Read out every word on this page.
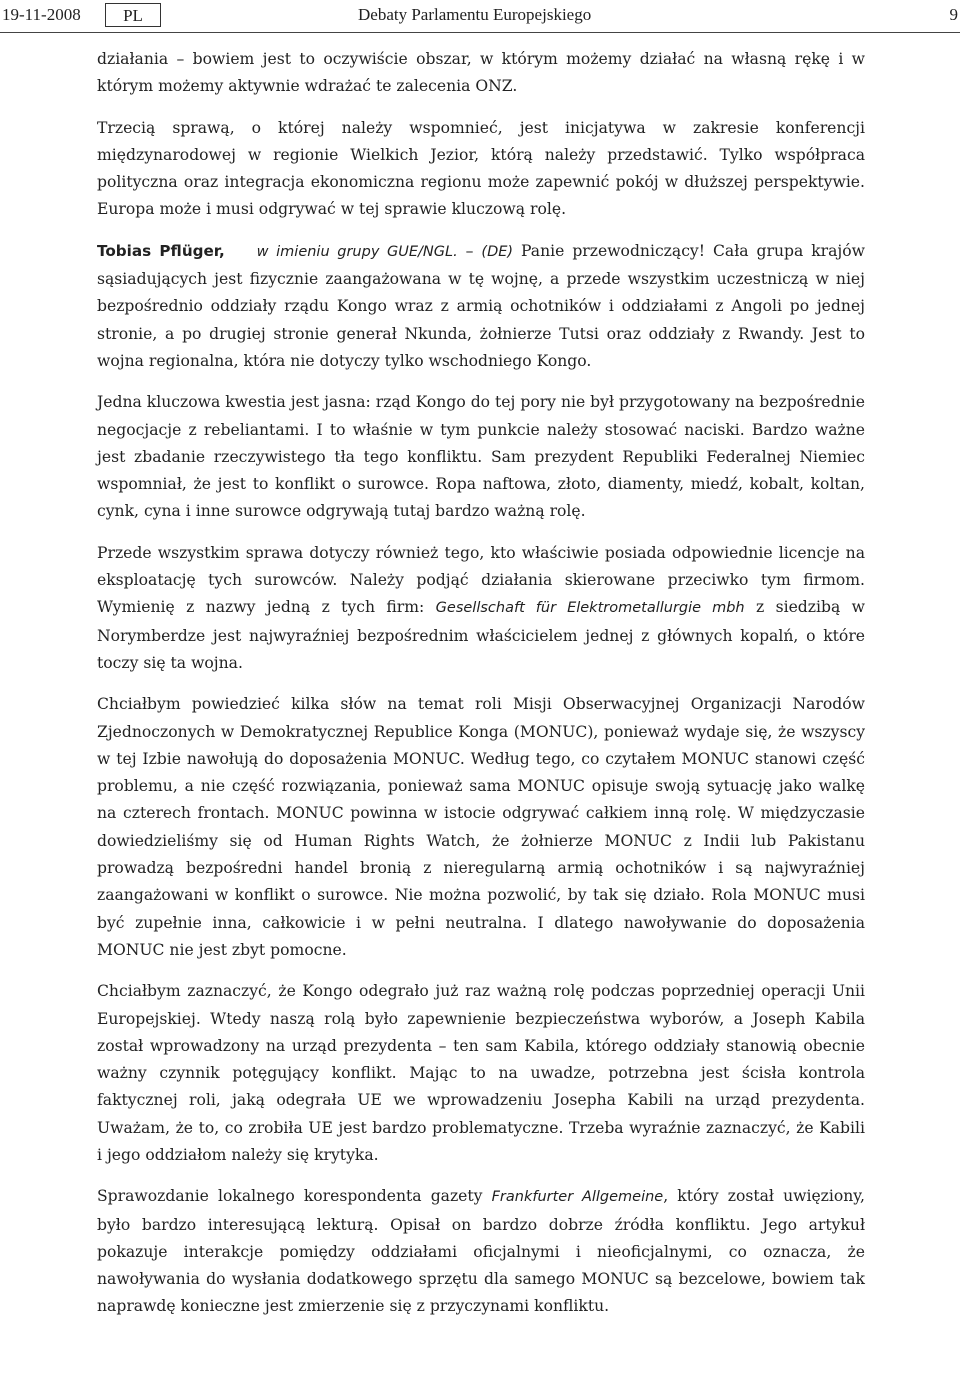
19-11-2008	PL	Debaty Parlamentu Europejskiego	9

działania – bowiem jest to oczywiście obszar, w którym możemy działać na własną rękę i w którym możemy aktywnie wdrażać te zalecenia ONZ.

Trzecią sprawą, o której należy wspomnieć, jest inicjatywa w zakresie konferencji międzynarodowej w regionie Wielkich Jezior, którą należy przedstawić. Tylko współpraca polityczna oraz integracja ekonomiczna regionu może zapewnić pokój w dłuższej perspektywie. Europa może i musi odgrywać w tej sprawie kluczową rolę.

Tobias Pflüger, w imieniu grupy GUE/NGL. – (DE) Panie przewodniczący! Cała grupa krajów sąsiadujących jest fizycznie zaangażowana w tę wojnę, a przede wszystkim uczestniczą w niej bezpośrednio oddziały rządu Kongo wraz z armią ochotników i oddziałami z Angoli po jednej stronie, a po drugiej stronie generał Nkunda, żołnierze Tutsi oraz oddziały z Rwandy. Jest to wojna regionalna, która nie dotyczy tylko wschodniego Kongo.

Jedna kluczowa kwestia jest jasna: rząd Kongo do tej pory nie był przygotowany na bezpośrednie negocjacje z rebeliantami. I to właśnie w tym punkcie należy stosować naciski. Bardzo ważne jest zbadanie rzeczywistego tła tego konfliktu. Sam prezydent Republiki Federalnej Niemiec wspomniał, że jest to konflikt o surowce. Ropa naftowa, złoto, diamenty, miedź, kobalt, koltan, cynk, cyna i inne surowce odgrywają tutaj bardzo ważną rolę.

Przede wszystkim sprawa dotyczy również tego, kto właściwie posiada odpowiednie licencje na eksploatację tych surowców. Należy podjąć działania skierowane przeciwko tym firmom. Wymienię z nazwy jedną z tych firm: Gesellschaft für Elektrometallurgie mbh z siedzibą w Norymberdze jest najwyraźniej bezpośrednim właścicielem jednej z głównych kopalń, o które toczy się ta wojna.

Chciałbym powiedzieć kilka słów na temat roli Misji Obserwacyjnej Organizacji Narodów Zjednoczonych w Demokratycznej Republice Konga (MONUC), ponieważ wydaje się, że wszyscy w tej Izbie nawołują do doposażenia MONUC. Według tego, co czytałem MONUC stanowi część problemu, a nie część rozwiązania, ponieważ sama MONUC opisuje swoją sytuację jako walkę na czterech frontach. MONUC powinna w istocie odgrywać całkiem inną rolę. W międzyczasie dowiedzieliśmy się od Human Rights Watch, że żołnierze MONUC z Indii lub Pakistanu prowadzą bezpośredni handel bronią z nieregularną armią ochotników i są najwyraźniej zaangażowani w konflikt o surowce. Nie można pozwolić, by tak się działo. Rola MONUC musi być zupełnie inna, całkowicie i w pełni neutralna. I dlatego nawoływanie do doposażenia MONUC nie jest zbyt pomocne.

Chciałbym zaznaczyć, że Kongo odegrało już raz ważną rolę podczas poprzedniej operacji Unii Europejskiej. Wtedy naszą rolą było zapewnienie bezpieczeństwa wyborów, a Joseph Kabila został wprowadzony na urząd prezydenta – ten sam Kabila, którego oddziały stanowią obecnie ważny czynnik potęgujący konflikt. Mając to na uwadze, potrzebna jest ścisła kontrola faktycznej roli, jaką odegrała UE we wprowadzeniu Josepha Kabili na urząd prezydenta. Uważam, że to, co zrobiła UE jest bardzo problematyczne. Trzeba wyraźnie zaznaczyć, że Kabili i jego oddziałom należy się krytyka.

Sprawozdanie lokalnego korespondenta gazety Frankfurter Allgemeine, który został uwięziony, było bardzo interesującą lekturą. Opisał on bardzo dobrze źródła konfliktu. Jego artykuł pokazuje interakcje pomiędzy oddziałami oficjalnymi i nieoficjalnymi, co oznacza, że nawoływania do wysłania dodatkowego sprzętu dla samego MONUC są bezcelowe, bowiem tak naprawdę konieczne jest zmierzenie się z przyczynami konfliktu.
